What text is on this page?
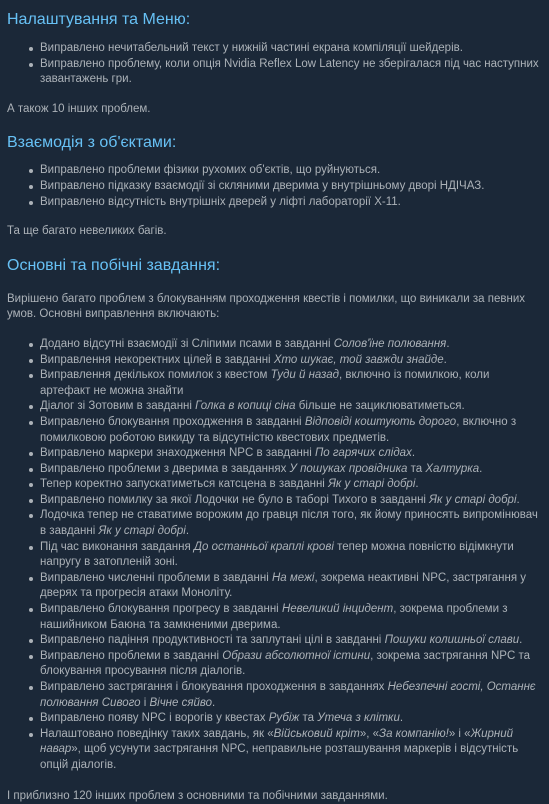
Налаштування та Меню:
Виправлено нечитабельний текст у нижній частині екрана компіляції шейдерів.
Виправлено проблему, коли опція Nvidia Reflex Low Latency не зберігалася під час наступних завантажень гри.

А також 10 інших проблем.

Взаємодія з об'єктами:
Виправлено проблеми фізики рухомих об'єктів, що руйнуються.
Виправлено підказку взаємодії зі скляними дверима у внутрішньому дворі НДІЧАЗ.
Виправлено відсутність внутрішніх дверей у ліфті лабораторії Х-11.

Та ще багато невеликих багів.

Основні та побічні завдання:

Вирішено багато проблем з блокуванням проходження квестів і помилки, що виникали за певних умов. Основні виправлення включають:

Додано відсутні взаємодії зі Сліпими псами в завданні Солов'їне полювання.
Виправлення некоректних цілей в завданні Хто шукає, той завжди знайде.
Виправлення декількох помилок з квестом Туди й назад, включно із помилкою, коли артефакт не можна знайти
Діалог зі Зотовим в завданні Голка в копиці сіна більше не зациклюватиметься.
Виправлено блокування проходження в завданні Відповіді коштують дорого, включно з помилковою роботою викиду та відсутністю квестових предметів.
Виправлено маркери знаходження NPC в завданні По гарячих слідах.
Виправлено проблеми з дверима в завданнях У пошуках провідника та Халтурка.
Тепер коректно запускатиметься катсцена в завданні Як у старі добрі.
Виправлено помилку за якої Лодочки не було в таборі Тихого в завданні Як у старі добрі.
Лодочка тепер не ставатиме ворожим до гравця після того, як йому приносять випромінювач в завданні Як у старі добрі.
Під час виконання завдання До останньої краплі крові тепер можна повністю відімкнути напругу в затопленій зоні.
Виправлено численні проблеми в завданні На межі, зокрема неактивні NPC, застрягання у дверях та прогресія атаки Моноліту.
Виправлено блокування прогресу в завданні Невеликий інцидент, зокрема проблеми з нашийником Баюна та замкненими дверима.
Виправлено падіння продуктивності та заплутані цілі в завданні Пошуки колишньої слави.
Виправлено проблеми в завданні Образи абсолютної істини, зокрема застрягання NPC та блокування просування після діалогів.
Виправлено застрягання і блокування проходження в завданнях Небезпечні гості, Останнє полювання Сивого і Вічне сяйво.
Виправлено появу NPC і ворогів у квестах Рубіж та Утеча з клітки.
Налаштовано поведінку таких завдань, як «Військовий кріт», «За компанію!» і «Жирний навар», щоб усунути застрягання NPC, неправильне розташування маркерів і відсутність опцій діалогів.

І приблизно 120 інших проблем з основними та побічними завданнями.
